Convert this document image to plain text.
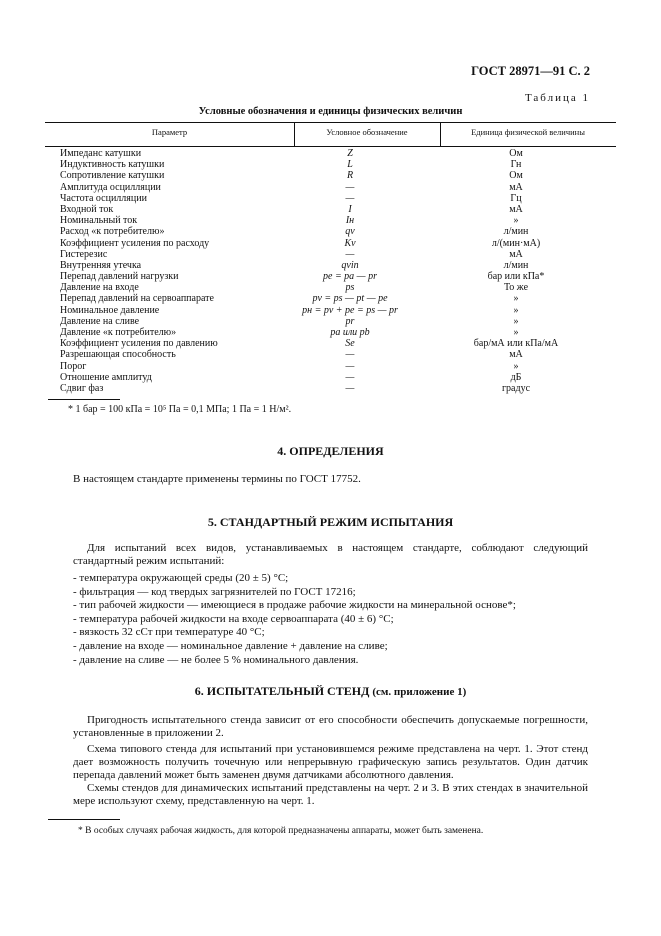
ГОСТ 28971—91 С. 2
Таблица 1
Условные обозначения и единицы физических величин
Параметр	Условное обозначение	Единица физической величины
Импеданс катушки	Z	Ом
Индуктивность катушки	L	Гн
Сопротивление катушки	R	Ом
Амплитуда осцилляции	—	мА
Частота осцилляции	—	Гц
Входной ток	I	мА
Номинальный ток	Iн	»
Расход «к потребителю»	qv	л/мин
Коэффициент усиления по расходу	Kv	л/(мин·мА)
Гистерезис	—	мА
Внутренняя утечка	qvin	л/мин
Перепад давлений нагрузки	pe = pa — pr	бар или кПа*
Давление на входе	ps	То же
Перепад давлений на сервоаппарате	pv = ps — pt — pe	»
Номинальное давление	pн = pv + pe = ps — pr	»
Давление на сливе	pr	»
Давление «к потребителю»	pa или pb	»
Коэффициент усиления по давлению	Se	бар/мА или кПа/мА
Разрешающая способность	—	мА
Порог	—	»
Отношение амплитуд	—	дБ
Сдвиг фаз	—	градус
* 1 бар = 100 кПа = 10⁵ Па = 0,1 МПа; 1 Па = 1 Н/м².
4. ОПРЕДЕЛЕНИЯ
В настоящем стандарте применены термины по ГОСТ 17752.
5. СТАНДАРТНЫЙ РЕЖИМ ИСПЫТАНИЯ
Для испытаний всех видов, устанавливаемых в настоящем стандарте, соблюдают следующий стандартный режим испытаний:
- температура окружающей среды (20 ± 5) °С;
- фильтрация — код твердых загрязнителей по ГОСТ 17216;
- тип рабочей жидкости — имеющиеся в продаже рабочие жидкости на минеральной основе*;
- температура рабочей жидкости на входе сервоаппарата (40 ± 6) °С;
- вязкость 32 сСт при температуре 40 °С;
- давление на входе — номинальное давление + давление на сливе;
- давление на сливе — не более 5 % номинального давления.
6. ИСПЫТАТЕЛЬНЫЙ СТЕНД (см. приложение 1)
Пригодность испытательного стенда зависит от его способности обеспечить допускаемые погрешности, установленные в приложении 2.
Схема типового стенда для испытаний при установившемся режиме представлена на черт. 1. Этот стенд дает возможность получить точечную или непрерывную графическую запись результатов. Один датчик перепада давлений может быть заменен двумя датчиками абсолютного давления.
Схемы стендов для динамических испытаний представлены на черт. 2 и 3. В этих стендах в значительной мере используют схему, представленную на черт. 1.
* В особых случаях рабочая жидкость, для которой предназначены аппараты, может быть заменена.
